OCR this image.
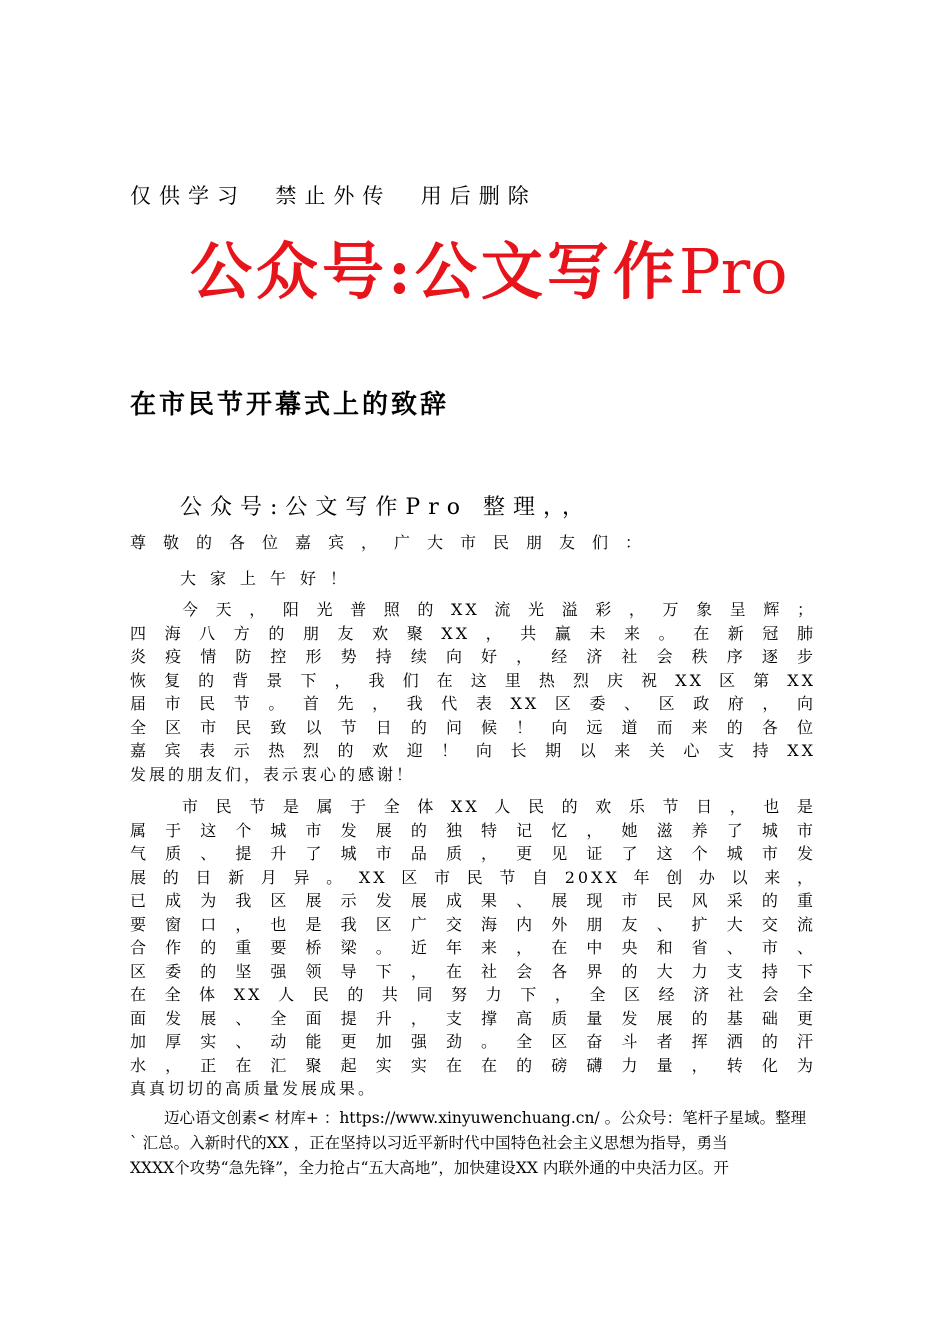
仅供学习  禁止外传  用后删除
公众号:公文写作Pro
在市民节开幕式上的致辞
公众号:公文写作Pro 整理，，
尊敬的各位嘉宾，广大市民朋友们：
大家上午好！
今天，阳光普照的XX流光溢彩，万象呈辉；
四海八方的朋友欢聚XX，共赢未来。在新冠肺
炎疫情防控形势持续向好，经济社会秩序逐步
恢复的背景下，我们在这里热烈庆祝XX区第XX
届市民节。首先，我代表XX区委、区政府，向
全区市民致以节日的问候！向远道而来的各位
嘉宾表示热烈的欢迎！向长期以来关心支持XX
发展的朋友们，表示衷心的感谢！
市民节是属于全体XX人民的欢乐节日，也是
属于这个城市发展的独特记忆，她滋养了城市
气质、提升了城市品质，更见证了这个城市发
展的日新月异。XX区市民节自20XX年创办以来，
已成为我区展示发展成果、展现市民风采的重
要窗口，也是我区广交海内外朋友、扩大交流
合作的重要桥梁。近年来，在中央和省、市、
区委的坚强领导下，在社会各界的大力支持下
在全体XX人民的共同努力下，全区经济社会全
面发展、全面提升，支撑高质量发展的基础更
加厚实、动能更加强劲。全区奋斗者挥洒的汗
水，正在汇聚起实实在在的磅礴力量，转化为
真真切切的高质量发展成果。
迈心语文创素< 材库+ ：https://www.xinyuwenchuang.cn/ 。公众号：笔杆子星域。整理
` 汇总。入新时代的XX ，正在坚持以习近平新时代中国特色社会主义思想为指导，勇当
XXXX个攻势“急先锋”，全力抢占“五大高地”，加快建设XX 内联外通的中央活力区。开
